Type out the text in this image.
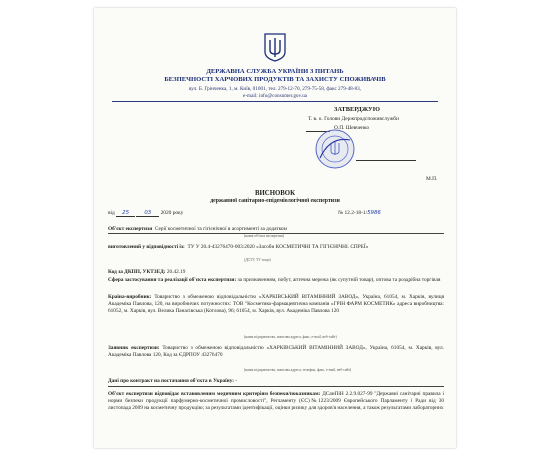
ДЕРЖАВНА СЛУЖБА УКРАЇНИ З ПИТАНЬ
БЕЗПЕЧНОСТІ ХАРЧОВИХ ПРОДУКТІВ ТА ЗАХИСТУ СПОЖИВАЧІВ
вул. Б. Грінченка, 1, м. Київ, 01001, тел. 279-12-70, 279-75-58, факс 279-48-83,
e-mail: info@consumer.gov.ua
ЗАТВЕРДЖУЮ
Т. в. о. Голови Держпродспоживслужби
О.П. Шевченко
М.П.
ВИСНОВОК
державної санітарно-епідеміологічної експертизи
від 25	03 2020 року	№ 12.2-18-1/5986
Об'єкт експертизи Серії косметичної та гігієнічної в асортименті за додатком
(назва об'єкта експертизи)
виготовлений у відповідності із: ТУ У 20.4-43276470-003:2020 «Засоби КОСМЕТИЧНІ ТА ГІГІЄНІЧНІ. СПРЕЇ»
(ДСТУ, ТУ тощо)
Код за ДКПП, УКТЗЕД: 20.42.19
Сфера застосування та реалізації об'єкта експертизи: за призначенням, побут, аптечна мережа (як супутній товар), оптова та роздрібна торгівля
Країна-виробник: Товариство з обмеженою відповідальністю «ХАРКІВСЬКИЙ ВІТАМІННИЙ ЗАВОД», Україна, 61054, м. Харків, вулиця Академіка Павлова, 120, на виробничих потужностях: ТОВ "Косметико-фармацевтична компанія «ГРІН ФАРМ КОСМЕТИК» адреса виробництва: 61052, м. Харків, вул. Велика Панасівська (Котлова), 96; 61054, м. Харків, вул. Академіка Павлова 120
(назва підприємства, поштова адреса, факс, e-mail, веб-сайт)
Заявник експертизи: Товариство з обмеженою відповідальністю «ХАРКІВСЬКИЙ ВІТАМІННИЙ ЗАВОД», Україна, 61054, м. Харків, вул. Академіка Павлова 120, Код за ЄДРПОУ 43276470
(назва підприємства, поштова адреса, телефон, факс, e-mail, веб-сайт)
Дані про контракт на постачання об'єкта в Україну: -
Об'єкт експертизи відповідає встановленим медичним критеріям безпеки/показникам: ДСанПіН 2.2.9.027-99 "Державні санітарні правила і норми безпеки продукції парфумерно-косметичної промисловості", Регламенту (ЄС)№1223/2009 Європейського Парламенту і Ради від 30 листопада 2009 на косметичну продукцію; за результатами ідентифікації, оцінки ризику для здоров'я населення, а також результатами лабораторних
